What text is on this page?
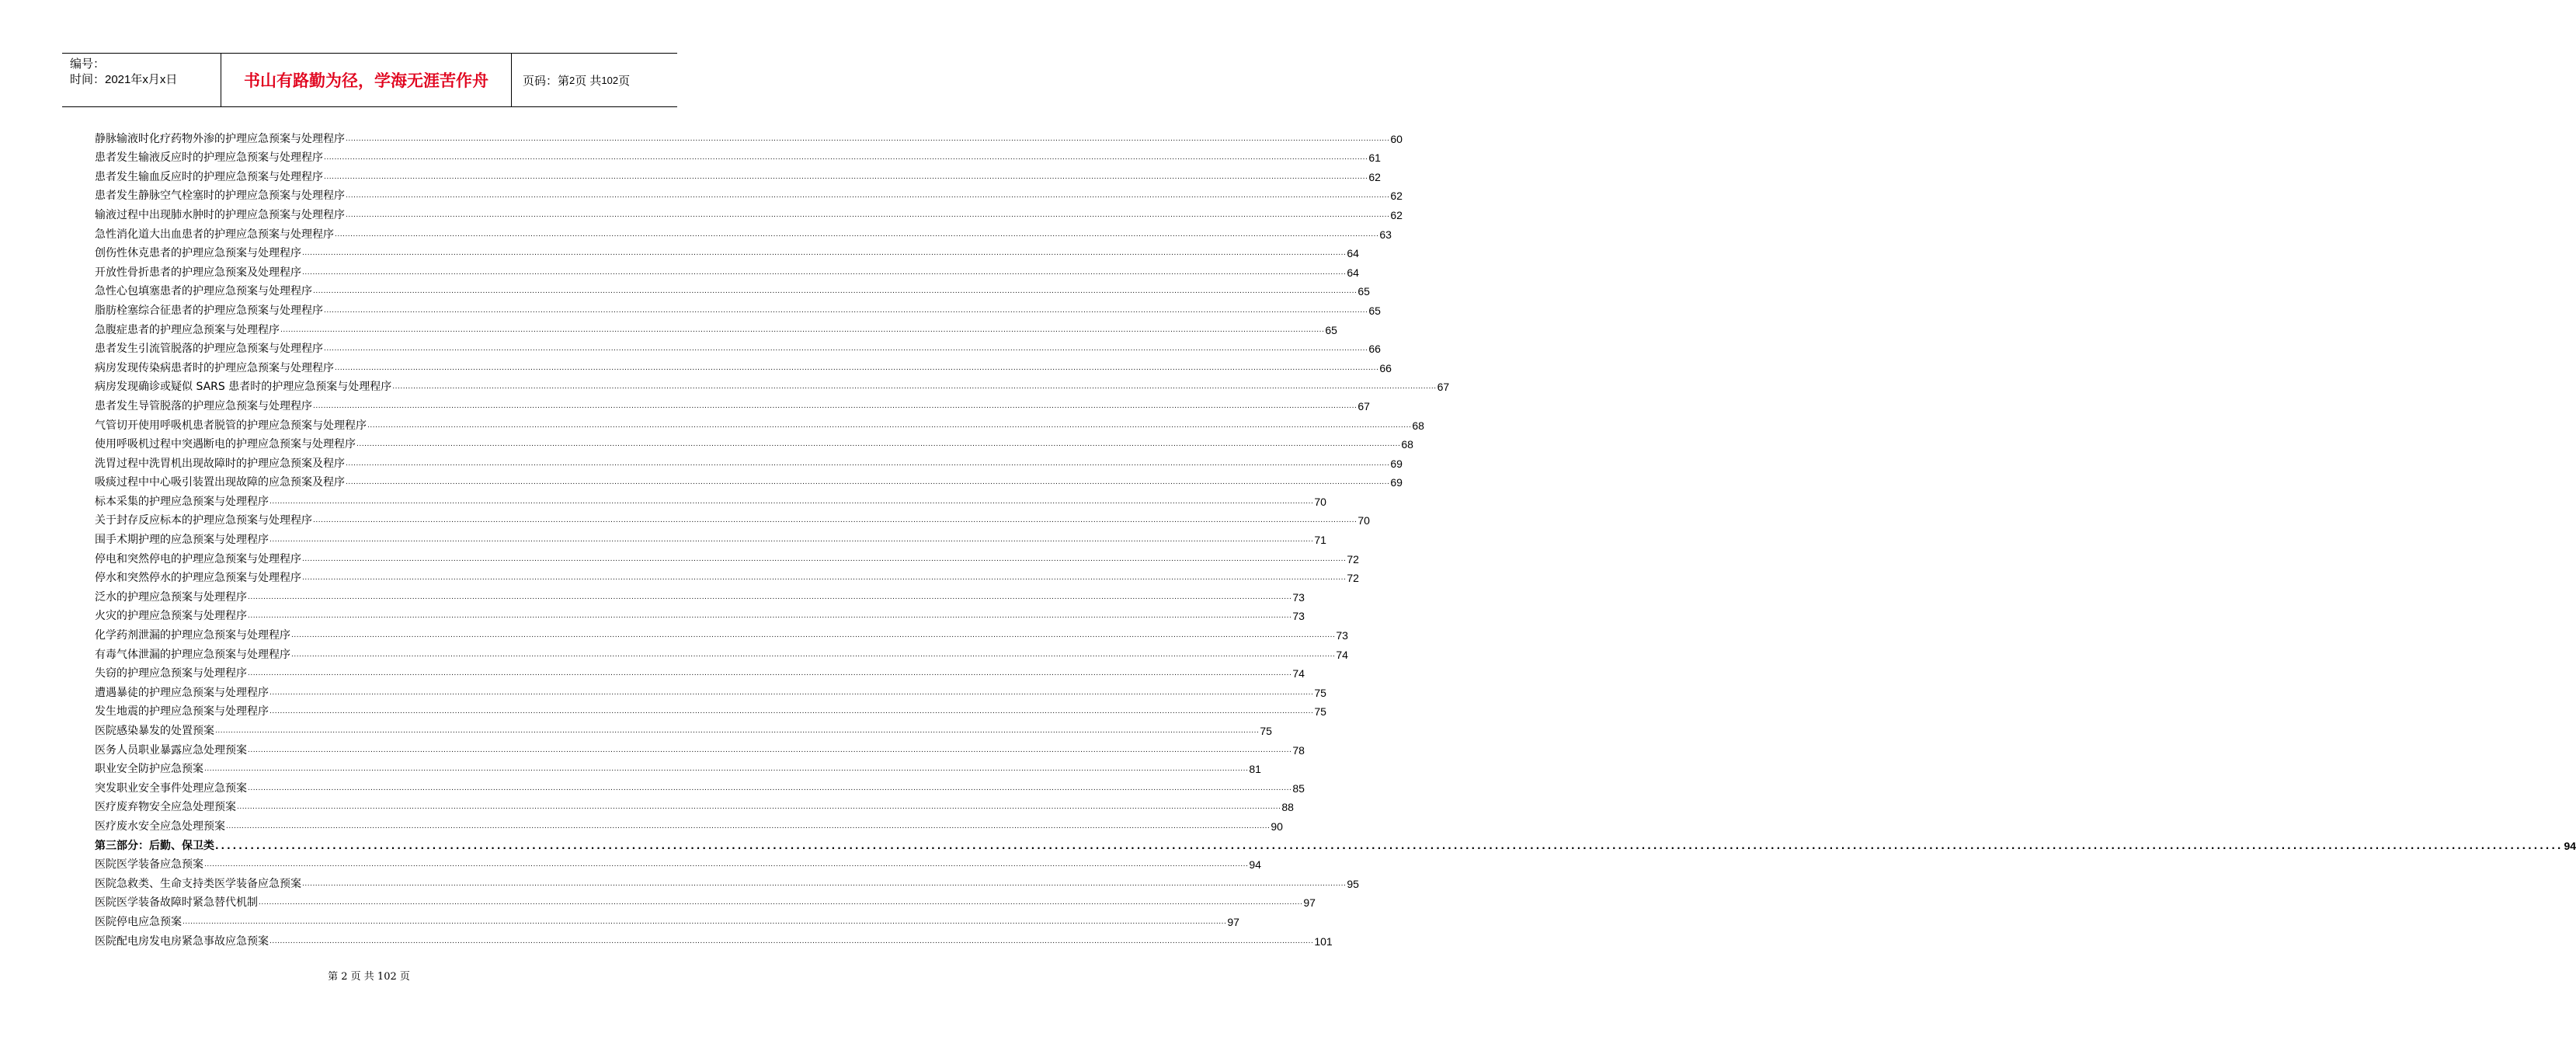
编号：
时间：2021年x月x日	书山有路勤为径，学海无涯苦作舟	页码：第 2 页 共 102 页
静脉输液时化疗药物外渗的护理应急预案与处理程序 ................................................................................................................................................................................................................................................................................................................................................................................................................ 60
患者发生输液反应时的护理应急预案与处理程序 ................................................................................................................................................................................................................................................................................................................................................................................................................ 61
患者发生输血反应时的护理应急预案与处理程序 ................................................................................................................................................................................................................................................................................................................................................................................................................ 62
患者发生静脉空气栓塞时的护理应急预案与处理程序 ................................................................................................................................................................................................................................................................................................................................................................................................................ 62
输液过程中出现肺水肿时的护理应急预案与处理程序 ................................................................................................................................................................................................................................................................................................................................................................................................................ 62
急性消化道大出血患者的护理应急预案与处理程序 ................................................................................................................................................................................................................................................................................................................................................................................................................ 63
创伤性休克患者的护理应急预案与处理程序 ................................................................................................................................................................................................................................................................................................................................................................................................................ 64
开放性骨折患者的护理应急预案及处理程序 ................................................................................................................................................................................................................................................................................................................................................................................................................ 64
急性心包填塞患者的护理应急预案与处理程序 ................................................................................................................................................................................................................................................................................................................................................................................................................ 65
脂肪栓塞综合征患者的护理应急预案与处理程序 ................................................................................................................................................................................................................................................................................................................................................................................................................ 65
急腹症患者的护理应急预案与处理程序 ................................................................................................................................................................................................................................................................................................................................................................................................................ 65
患者发生引流管脱落的护理应急预案与处理程序 ................................................................................................................................................................................................................................................................................................................................................................................................................ 66
病房发现传染病患者时的护理应急预案与处理程序 ................................................................................................................................................................................................................................................................................................................................................................................................................ 66
病房发现确诊或疑似 SARS 患者时的护理应急预案与处理程序 ................................................................................................................................................................................................................................................................................................................................................................................................................ 67
患者发生导管脱落的护理应急预案与处理程序 ................................................................................................................................................................................................................................................................................................................................................................................................................ 67
气管切开使用呼吸机患者脱管的护理应急预案与处理程序 ................................................................................................................................................................................................................................................................................................................................................................................................................ 68
使用呼吸机过程中突遇断电的护理应急预案与处理程序 ................................................................................................................................................................................................................................................................................................................................................................................................................ 68
洗胃过程中洗胃机出现故障时的护理应急预案及程序 ................................................................................................................................................................................................................................................................................................................................................................................................................ 69
吸痰过程中中心吸引装置出现故障的应急预案及程序 ................................................................................................................................................................................................................................................................................................................................................................................................................ 69
标本采集的护理应急预案与处理程序 ................................................................................................................................................................................................................................................................................................................................................................................................................ 70
关于封存反应标本的护理应急预案与处理程序 ................................................................................................................................................................................................................................................................................................................................................................................................................ 70
围手术期护理的应急预案与处理程序 ................................................................................................................................................................................................................................................................................................................................................................................................................ 71
停电和突然停电的护理应急预案与处理程序 ................................................................................................................................................................................................................................................................................................................................................................................................................ 72
停水和突然停水的护理应急预案与处理程序 ................................................................................................................................................................................................................................................................................................................................................................................................................ 72
泛水的护理应急预案与处理程序 ................................................................................................................................................................................................................................................................................................................................................................................................................ 73
火灾的护理应急预案与处理程序 ................................................................................................................................................................................................................................................................................................................................................................................................................ 73
化学药剂泄漏的护理应急预案与处理程序 ................................................................................................................................................................................................................................................................................................................................................................................................................ 73
有毒气体泄漏的护理应急预案与处理程序 ................................................................................................................................................................................................................................................................................................................................................................................................................ 74
失窃的护理应急预案与处理程序 ................................................................................................................................................................................................................................................................................................................................................................................................................ 74
遭遇暴徒的护理应急预案与处理程序 ................................................................................................................................................................................................................................................................................................................................................................................................................ 75
发生地震的护理应急预案与处理程序 ................................................................................................................................................................................................................................................................................................................................................................................................................ 75
医院感染暴发的处置预案 ................................................................................................................................................................................................................................................................................................................................................................................................................ 75
医务人员职业暴露应急处理预案 ................................................................................................................................................................................................................................................................................................................................................................................................................ 78
职业安全防护应急预案 ................................................................................................................................................................................................................................................................................................................................................................................................................ 81
突发职业安全事件处理应急预案 ................................................................................................................................................................................................................................................................................................................................................................................................................ 85
医疗废弃物安全应急处理预案 ................................................................................................................................................................................................................................................................................................................................................................................................................ 88
医疗废水安全应急处理预案 ................................................................................................................................................................................................................................................................................................................................................................................................................ 90
第三部分：后勤、保卫类 ................................................................................................................................................................................................................................................................................................................................................................................................................ 94
医院医学装备应急预案 ................................................................................................................................................................................................................................................................................................................................................................................................................ 94
医院急救类、生命支持类医学装备应急预案 ................................................................................................................................................................................................................................................................................................................................................................................................................ 95
医院医学装备故障时紧急替代机制 ................................................................................................................................................................................................................................................................................................................................................................................................................ 97
医院停电应急预案 ................................................................................................................................................................................................................................................................................................................................................................................................................ 97
医院配电房发电房紧急事故应急预案 ................................................................................................................................................................................................................................................................................................................................................................................................................ 101
第 2 页 共 102 页
